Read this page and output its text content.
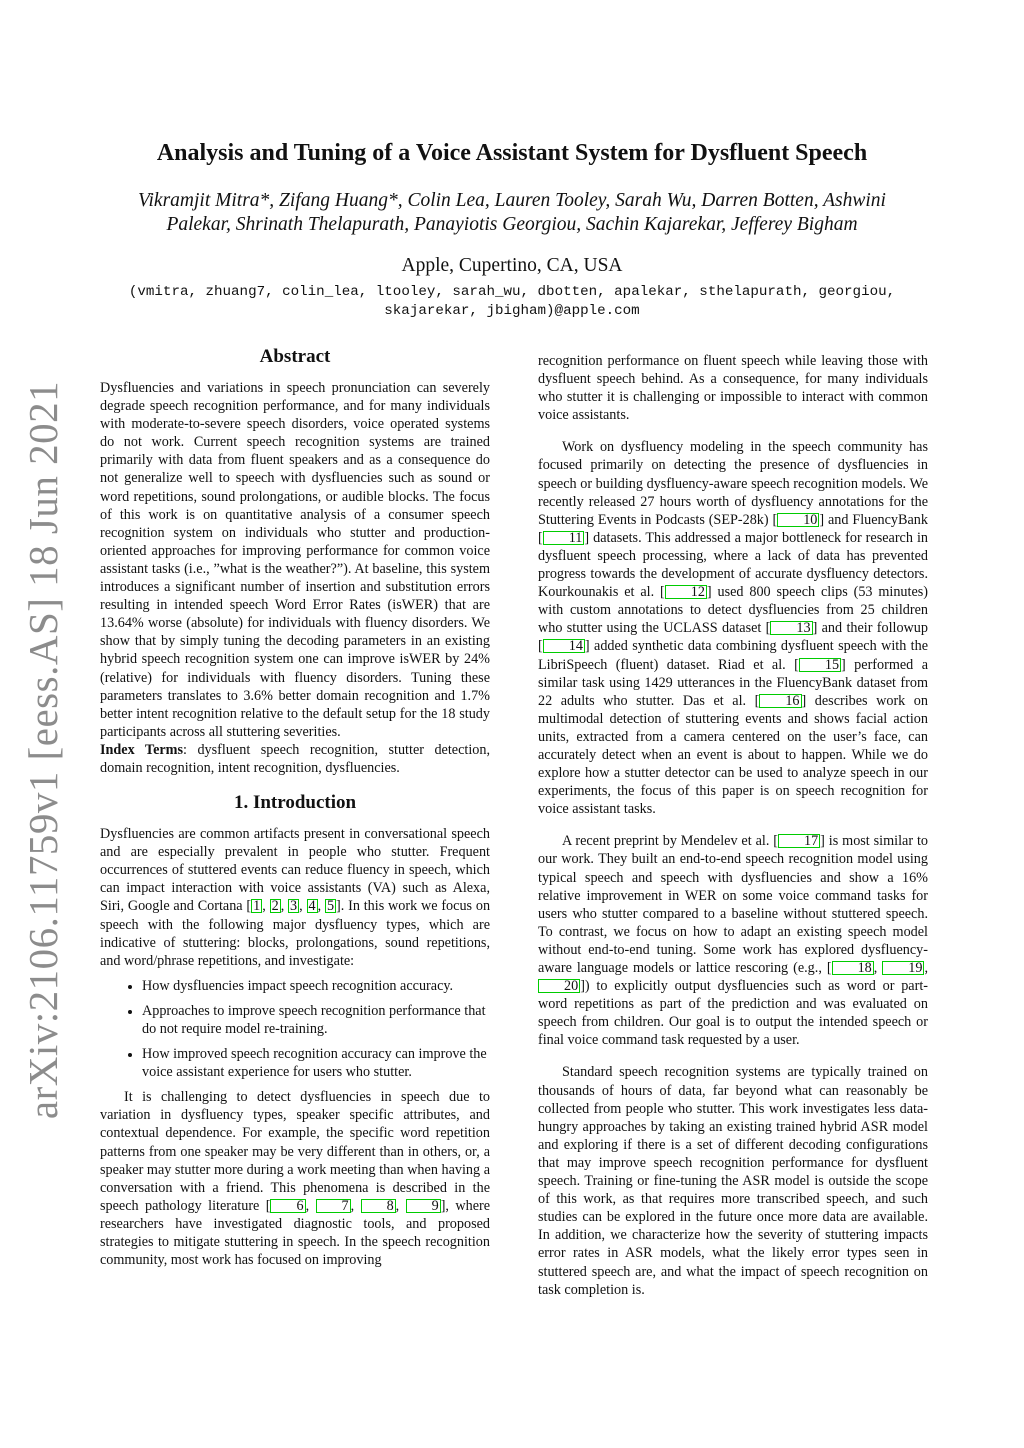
arXiv:2106.11759v1 [eess.AS] 18 Jun 2021
Analysis and Tuning of a Voice Assistant System for Dysfluent Speech
Vikramjit Mitra*, Zifang Huang*, Colin Lea, Lauren Tooley, Sarah Wu, Darren Botten, Ashwini
Palekar, Shrinath Thelapurath, Panayiotis Georgiou, Sachin Kajarekar, Jefferey Bigham
Apple, Cupertino, CA, USA
(vmitra, zhuang7, colin_lea, ltooley, sarah_wu, dbotten, apalekar, sthelapurath, georgiou,
skajarekar, jbigham)@apple.com
Abstract

Dysfluencies and variations in speech pronunciation can severely degrade speech recognition performance, and for many individuals with moderate-to-severe speech disorders, voice operated systems do not work. Current speech recognition systems are trained primarily with data from fluent speakers and as a consequence do not generalize well to speech with dysfluencies such as sound or word repetitions, sound prolongations, or audible blocks. The focus of this work is on quantitative analysis of a consumer speech recognition system on individuals who stutter and production-oriented approaches for improving performance for common voice assistant tasks (i.e., ”what is the weather?”). At baseline, this system introduces a significant number of insertion and substitution errors resulting in intended speech Word Error Rates (isWER) that are 13.64% worse (absolute) for individuals with fluency disorders. We show that by simply tuning the decoding parameters in an existing hybrid speech recognition system one can improve isWER by 24% (relative) for individuals with fluency disorders. Tuning these parameters translates to 3.6% better domain recognition and 1.7% better intent recognition relative to the default setup for the 18 study participants across all stuttering severities.

Index Terms: dysfluent speech recognition, stutter detection, domain recognition, intent recognition, dysfluencies.

1. Introduction

Dysfluencies are common artifacts present in conversational speech and are especially prevalent in people who stutter. Frequent occurrences of stuttered events can reduce fluency in speech, which can impact interaction with voice assistants (VA) such as Alexa, Siri, Google and Cortana [ 1 , 2 , 3 , 4 , 5 ]. In this work we focus on speech with the following major dysfluency types, which are indicative of stuttering: blocks, prolongations, sound repetitions, and word/phrase repetitions, and investigate:

• How dysfluencies impact speech recognition accuracy.
• Approaches to improve speech recognition performance that do not require model re-training.
• How improved speech recognition accuracy can improve the voice assistant experience for users who stutter.

It is challenging to detect dysfluencies in speech due to variation in dysfluency types, speaker specific attributes, and contextual dependence. For example, the specific word repetition patterns from one speaker may be very different than in others, or, a speaker may stutter more during a work meeting than when having a conversation with a friend. This phenomena is described in the speech pathology literature [ 6 , 7 , 8 , 9 ], where researchers have investigated diagnostic tools, and proposed strategies to mitigate stuttering in speech. In the speech recognition community, most work has focused on improving

recognition performance on fluent speech while leaving those with dysfluent speech behind. As a consequence, for many individuals who stutter it is challenging or impossible to interact with common voice assistants.

Work on dysfluency modeling in the speech community has focused primarily on detecting the presence of dysfluencies in speech or building dysfluency-aware speech recognition models. We recently released 27 hours worth of dysfluency annotations for the Stuttering Events in Podcasts (SEP-28k) [ 10 ] and FluencyBank [ 11 ] datasets. This addressed a major bottleneck for research in dysfluent speech processing, where a lack of data has prevented progress towards the development of accurate dysfluency detectors. Kourkounakis et al. [ 12 ] used 800 speech clips (53 minutes) with custom annotations to detect dysfluencies from 25 children who stutter using the UCLASS dataset [ 13 ] and their followup [ 14 ] added synthetic data combining dysfluent speech with the LibriSpeech (fluent) dataset. Riad et al. [ 15 ] performed a similar task using 1429 utterances in the FluencyBank dataset from 22 adults who stutter. Das et al. [ 16 ] describes work on multimodal detection of stuttering events and shows facial action units, extracted from a camera centered on the user’s face, can accurately detect when an event is about to happen. While we do explore how a stutter detector can be used to analyze speech in our experiments, the focus of this paper is on speech recognition for voice assistant tasks.

A recent preprint by Mendelev et al. [ 17 ] is most similar to our work. They built an end-to-end speech recognition model using typical speech and speech with dysfluencies and show a 16% relative improvement in WER on some voice command tasks for users who stutter compared to a baseline without stuttered speech. To contrast, we focus on how to adapt an existing speech model without end-to-end tuning. Some work has explored dysfluency-aware language models or lattice rescoring (e.g., [ 18 , 19 , 20 ]) to explicitly output dysfluencies such as word or part-word repetitions as part of the prediction and was evaluated on speech from children. Our goal is to output the intended speech or final voice command task requested by a user.

Standard speech recognition systems are typically trained on thousands of hours of data, far beyond what can reasonably be collected from people who stutter. This work investigates less data-hungry approaches by taking an existing trained hybrid ASR model and exploring if there is a set of different decoding configurations that may improve speech recognition performance for dysfluent speech. Training or fine-tuning the ASR model is outside the scope of this work, as that requires more transcribed speech, and such studies can be explored in the future once more data are available. In addition, we characterize how the severity of stuttering impacts error rates in ASR models, what the likely error types seen in stuttered speech are, and what the impact of speech recognition on task completion is.
